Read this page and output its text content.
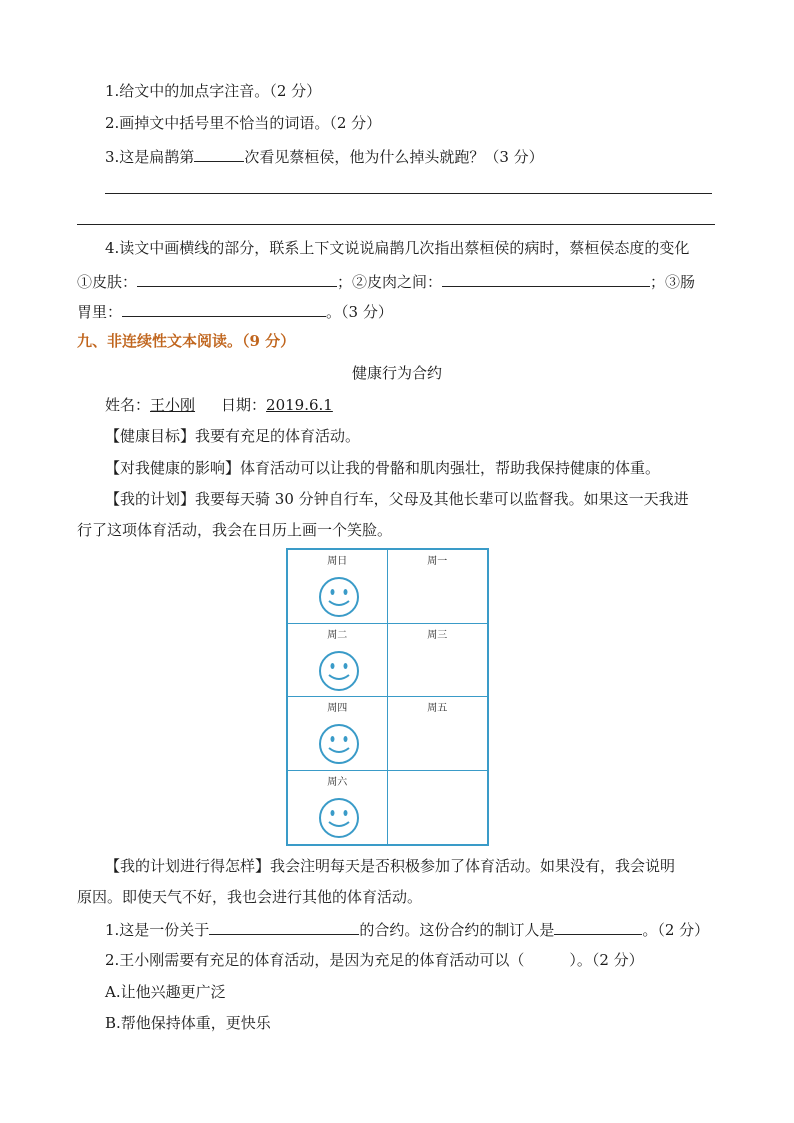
1.给文中的加点字注音。（2 分）
2.画掉文中括号里不恰当的词语。（2 分）
3.这是扁鹊第	次看见蔡桓侯，他为什么掉头就跑？（3 分）
4.读文中画横线的部分，联系上下文说说扁鹊几次指出蔡桓侯的病时，蔡桓侯态度的变化
①皮肤：	；②皮肉之间：	；③肠
胃里：	。（3 分）
九、非连续性文本阅读。（9 分）
健康行为合约
姓名：王小刚 日期：2019.6.1
【健康目标】我要有充足的体育活动。
【对我健康的影响】体育活动可以让我的骨骼和肌肉强壮，帮助我保持健康的体重。
【我的计划】我要每天骑 30 分钟自行车，父母及其他长辈可以监督我。如果这一天我进
行了这项体育活动，我会在日历上画一个笑脸。
周日	周一
周二	周三
周四	周五
周六
【我的计划进行得怎样】我会注明每天是否积极参加了体育活动。如果没有，我会说明
原因。即使天气不好，我也会进行其他的体育活动。
1.这是一份关于	的合约。这份合约的制订人是	。（2 分）
2.王小刚需要有充足的体育活动，是因为充足的体育活动可以（　　　）。（2 分）
A.让他兴趣更广泛
B.帮他保持体重，更快乐
